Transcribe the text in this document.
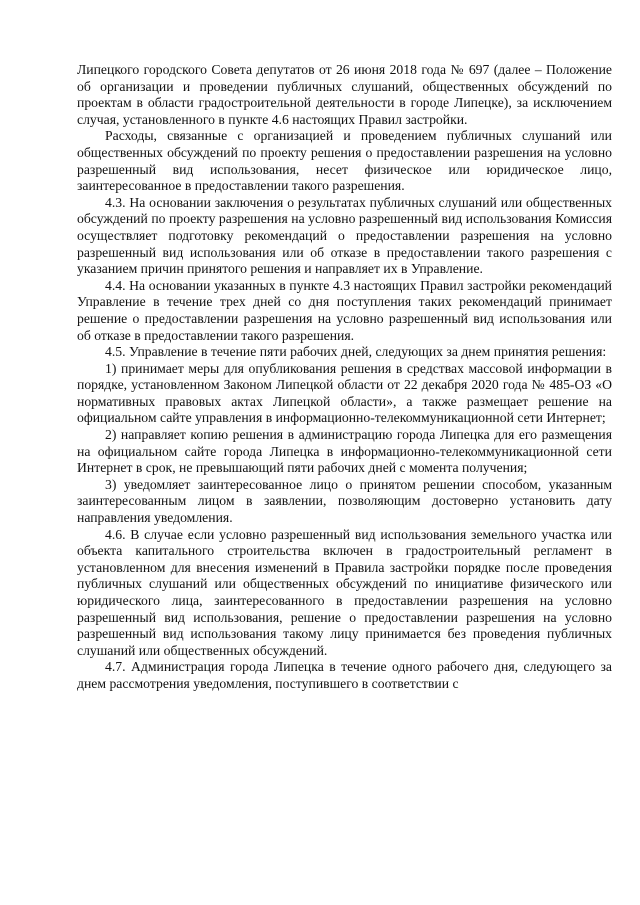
Липецкого городского Совета депутатов от 26 июня 2018 года № 697 (далее – Положение об организации и проведении публичных слушаний, общественных обсуждений по проектам в области градостроительной деятельности в городе Липецке), за исключением случая, установленного в пункте 4.6 настоящих Правил застройки.

Расходы, связанные с организацией и проведением публичных слушаний или общественных обсуждений по проекту решения о предоставлении разрешения на условно разрешенный вид использования, несет физическое или юридическое лицо, заинтересованное в предоставлении такого разрешения.

4.3. На основании заключения о результатах публичных слушаний или общественных обсуждений по проекту разрешения на условно разрешенный вид использования Комиссия осуществляет подготовку рекомендаций о предоставлении разрешения на условно разрешенный вид использования или об отказе в предоставлении такого разрешения с указанием причин принятого решения и направляет их в Управление.

4.4. На основании указанных в пункте 4.3 настоящих Правил застройки рекомендаций Управление в течение трех дней со дня поступления таких рекомендаций принимает решение о предоставлении разрешения на условно разрешенный вид использования или об отказе в предоставлении такого разрешения.

4.5. Управление в течение пяти рабочих дней, следующих за днем принятия решения:

1) принимает меры для опубликования решения в средствах массовой информации в порядке, установленном Законом Липецкой области от 22 декабря 2020 года № 485-ОЗ «О нормативных правовых актах Липецкой области», а также размещает решение на официальном сайте управления в информационно-телекоммуникационной сети Интернет;

2) направляет копию решения в администрацию города Липецка для его размещения на официальном сайте города Липецка в информационно-телекоммуникационной сети Интернет в срок, не превышающий пяти рабочих дней с момента получения;

3) уведомляет заинтересованное лицо о принятом решении способом, указанным заинтересованным лицом в заявлении, позволяющим достоверно установить дату направления уведомления.

4.6. В случае если условно разрешенный вид использования земельного участка или объекта капитального строительства включен в градостроительный регламент в установленном для внесения изменений в Правила застройки порядке после проведения публичных слушаний или общественных обсуждений по инициативе физического или юридического лица, заинтересованного в предоставлении разрешения на условно разрешенный вид использования, решение о предоставлении разрешения на условно разрешенный вид использования такому лицу принимается без проведения публичных слушаний или общественных обсуждений.

4.7. Администрация города Липецка в течение одного рабочего дня, следующего за днем рассмотрения уведомления, поступившего в соответствии с
